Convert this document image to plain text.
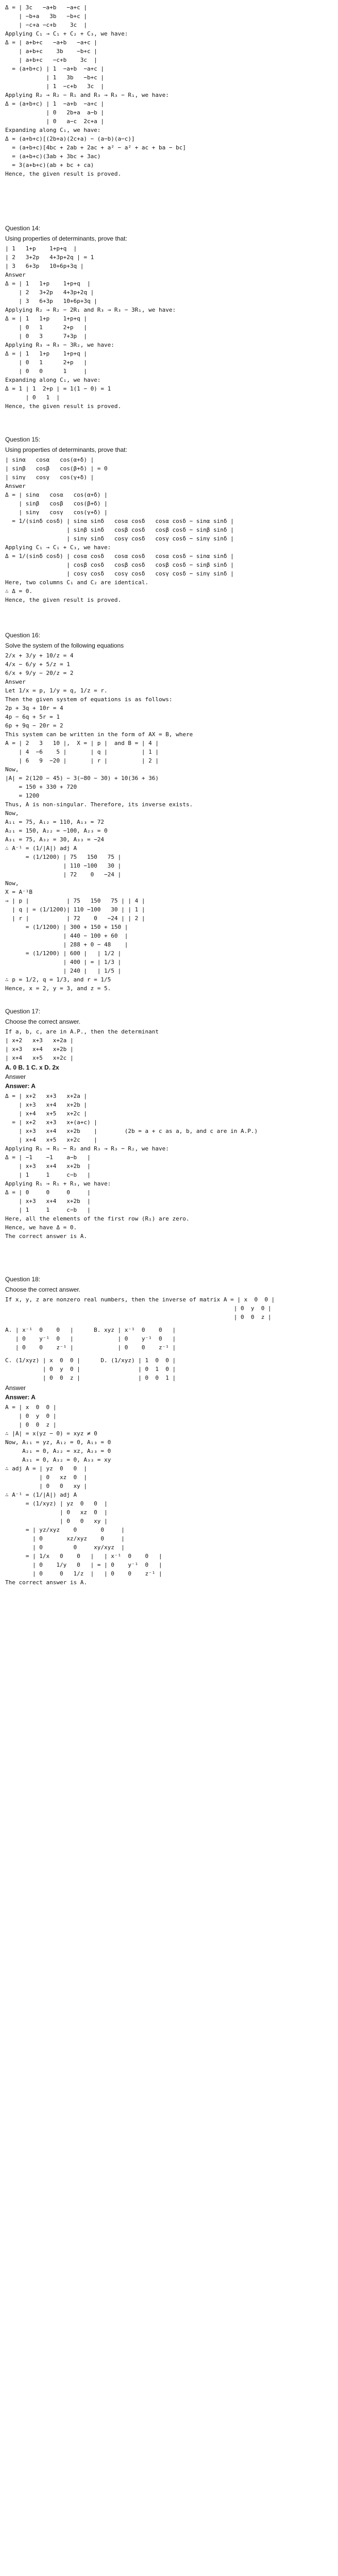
Δ = | 3c   −a+b   −a+c |
| −b+a   3b   −b+c |
| −c+a −c+b    3c  |
Applying C₁ → C₁ + C₂ + C₃, we have:
Δ = | a+b+c   −a+b   −a+c |
| a+b+c    3b    −b+c |
| a+b+c   −c+b    3c  |
= (a+b+c) | 1  −a+b  −a+c |
| 1   3b   −b+c |
| 1  −c+b   3c  |
Applying R₂ → R₂ − R₁ and R₃ → R₃ − R₁, we have:
Δ = (a+b+c) | 1  −a+b  −a+c |
| 0   2b+a  a−b |
| 0   a−c  2c+a |
Expanding along C₁, we have:
Δ = (a+b+c)[(2b+a)(2c+a) − (a−b)(a−c)]
= (a+b+c)[4bc + 2ab + 2ac + a² − a² + ac + ba − bc]
= (a+b+c)(3ab + 3bc + 3ac)
= 3(a+b+c)(ab + bc + ca)
Hence, the given result is proved.
Question 14:
Using properties of determinants, prove that:
| 1   1+p    1+p+q  |
| 2   3+2p   4+3p+2q | = 1
| 3   6+3p   10+6p+3q |
Answer
Δ = | 1   1+p    1+p+q  |
| 2   3+2p   4+3p+2q |
| 3   6+3p   10+6p+3q |
Applying R₂ → R₂ − 2R₁ and R₃ → R₃ − 3R₁, we have:
Δ = | 1   1+p    1+p+q |
| 0   1      2+p   |
| 0   3      7+3p  |
Applying R₃ → R₃ − 3R₂, we have:
Δ = | 1   1+p    1+p+q |
| 0   1      2+p   |
| 0   0      1     |
Expanding along C₁, we have:
Δ = 1 | 1  2+p | = 1(1 − 0) = 1
| 0   1  |
Hence, the given result is proved.
Question 15:
Using properties of determinants, prove that:
| sinα   cosα   cos(α+δ) |
| sinβ   cosβ   cos(β+δ) | = 0
| sinγ   cosγ   cos(γ+δ) |
Answer
Δ = | sinα   cosα   cos(α+δ) |
| sinβ   cosβ   cos(β+δ) |
| sinγ   cosγ   cos(γ+δ) |
= 1/(sinδ cosδ) | sinα sinδ   cosα cosδ   cosα cosδ − sinα sinδ |
| sinβ sinδ   cosβ cosδ   cosβ cosδ − sinβ sinδ |
| sinγ sinδ   cosγ cosδ   cosγ cosδ − sinγ sinδ |
Applying C₁ → C₁ + C₃, we have:
Δ = 1/(sinδ cosδ) | cosα cosδ   cosα cosδ   cosα cosδ − sinα sinδ |
| cosβ cosδ   cosβ cosδ   cosβ cosδ − sinβ sinδ |
| cosγ cosδ   cosγ cosδ   cosγ cosδ − sinγ sinδ |
Here, two columns C₁ and C₂ are identical.
∴ Δ = 0.
Hence, the given result is proved.
Question 16:
Solve the system of the following equations
2/x + 3/y + 10/z = 4
4/x − 6/y + 5/z = 1
6/x + 9/y − 20/z = 2
Answer
Let 1/x = p, 1/y = q, 1/z = r.
Then the given system of equations is as follows:
2p + 3q + 10r = 4
4p − 6q + 5r = 1
6p + 9q − 20r = 2
This system can be written in the form of AX = B, where
A = | 2   3   10 |,  X = | p |  and B = | 4 |
| 4  −6    5 |       | q |          | 1 |
| 6   9  −20 |       | r |          | 2 |
Now,
|A| = 2(120 − 45) − 3(−80 − 30) + 10(36 + 36)
= 150 + 330 + 720
= 1200
Thus, A is non-singular. Therefore, its inverse exists.
Now,
A₁₁ = 75, A₁₂ = 110, A₁₃ = 72
A₂₁ = 150, A₂₂ = −100, A₂₃ = 0
A₃₁ = 75, A₃₂ = 30, A₃₃ = −24
∴ A⁻¹ = (1/|A|) adj A
= (1/1200) | 75   150   75 |
| 110 −100   30 |
| 72    0   −24 |
Now,
X = A⁻¹B
⇒ | p |           | 75   150   75 | | 4 |
| q | = (1/1200)| 110 −100   30 | | 1 |
| r |           | 72    0   −24 | | 2 |
= (1/1200) | 300 + 150 + 150 |
| 440 − 100 + 60  |
| 288 + 0 − 48    |
= (1/1200) | 600 |   | 1/2 |
| 400 | = | 1/3 |
| 240 |   | 1/5 |
∴ p = 1/2, q = 1/3, and r = 1/5
Hence, x = 2, y = 3, and z = 5.
Question 17:
Choose the correct answer.
If a, b, c, are in A.P., then the determinant
| x+2   x+3   x+2a |
| x+3   x+4   x+2b |
| x+4   x+5   x+2c |
A. 0 B. 1 C. x D. 2x
Answer
Answer: A
Δ = | x+2   x+3   x+2a |
| x+3   x+4   x+2b |
| x+4   x+5   x+2c |
= | x+2   x+3   x+(a+c) |
| x+3   x+4   x+2b    |        (2b = a + c as a, b, and c are in A.P.)
| x+4   x+5   x+2c    |
Applying R₁ → R₁ − R₂ and R₃ → R₃ − R₂, we have:
Δ = | −1    −1    a−b   |
| x+3   x+4   x+2b  |
| 1     1     c−b   |
Applying R₁ → R₁ + R₃, we have:
Δ = | 0     0     0     |
| x+3   x+4   x+2b  |
| 1     1     c−b   |
Here, all the elements of the first row (R₁) are zero.
Hence, we have Δ = 0.
The correct answer is A.
Question 18:
Choose the correct answer.
If x, y, z are nonzero real numbers, then the inverse of matrix A = | x  0  0 |
| 0  y  0 |
| 0  0  z |
A. | x⁻¹  0    0   |      B. xyz | x⁻¹  0    0   |
| 0    y⁻¹  0   |             | 0    y⁻¹  0   |
| 0    0    z⁻¹ |             | 0    0    z⁻¹ |
C. (1/xyz) | x  0  0 |      D. (1/xyz) | 1  0  0 |
| 0  y  0 |                 | 0  1  0 |
| 0  0  z |                 | 0  0  1 |
Answer
Answer: A
A = | x  0  0 |
| 0  y  0 |
| 0  0  z |
∴ |A| = x(yz − 0) = xyz ≠ 0
Now, A₁₁ = yz, A₁₂ = 0, A₁₃ = 0
A₂₁ = 0, A₂₂ = xz, A₂₃ = 0
A₃₁ = 0, A₃₂ = 0, A₃₃ = xy
∴ adj A = | yz  0   0  |
| 0   xz  0  |
| 0   0   xy |
∴ A⁻¹ = (1/|A|) adj A
= (1/xyz) | yz  0   0  |
| 0   xz  0  |
| 0   0   xy |
= | yz/xyz    0       0     |
| 0       xz/xyz    0     |
| 0         0     xy/xyz  |
= | 1/x   0    0   |   | x⁻¹  0    0   |
| 0    1/y   0   | = | 0    y⁻¹  0   |
| 0     0   1/z  |   | 0    0    z⁻¹ |
The correct answer is A.
